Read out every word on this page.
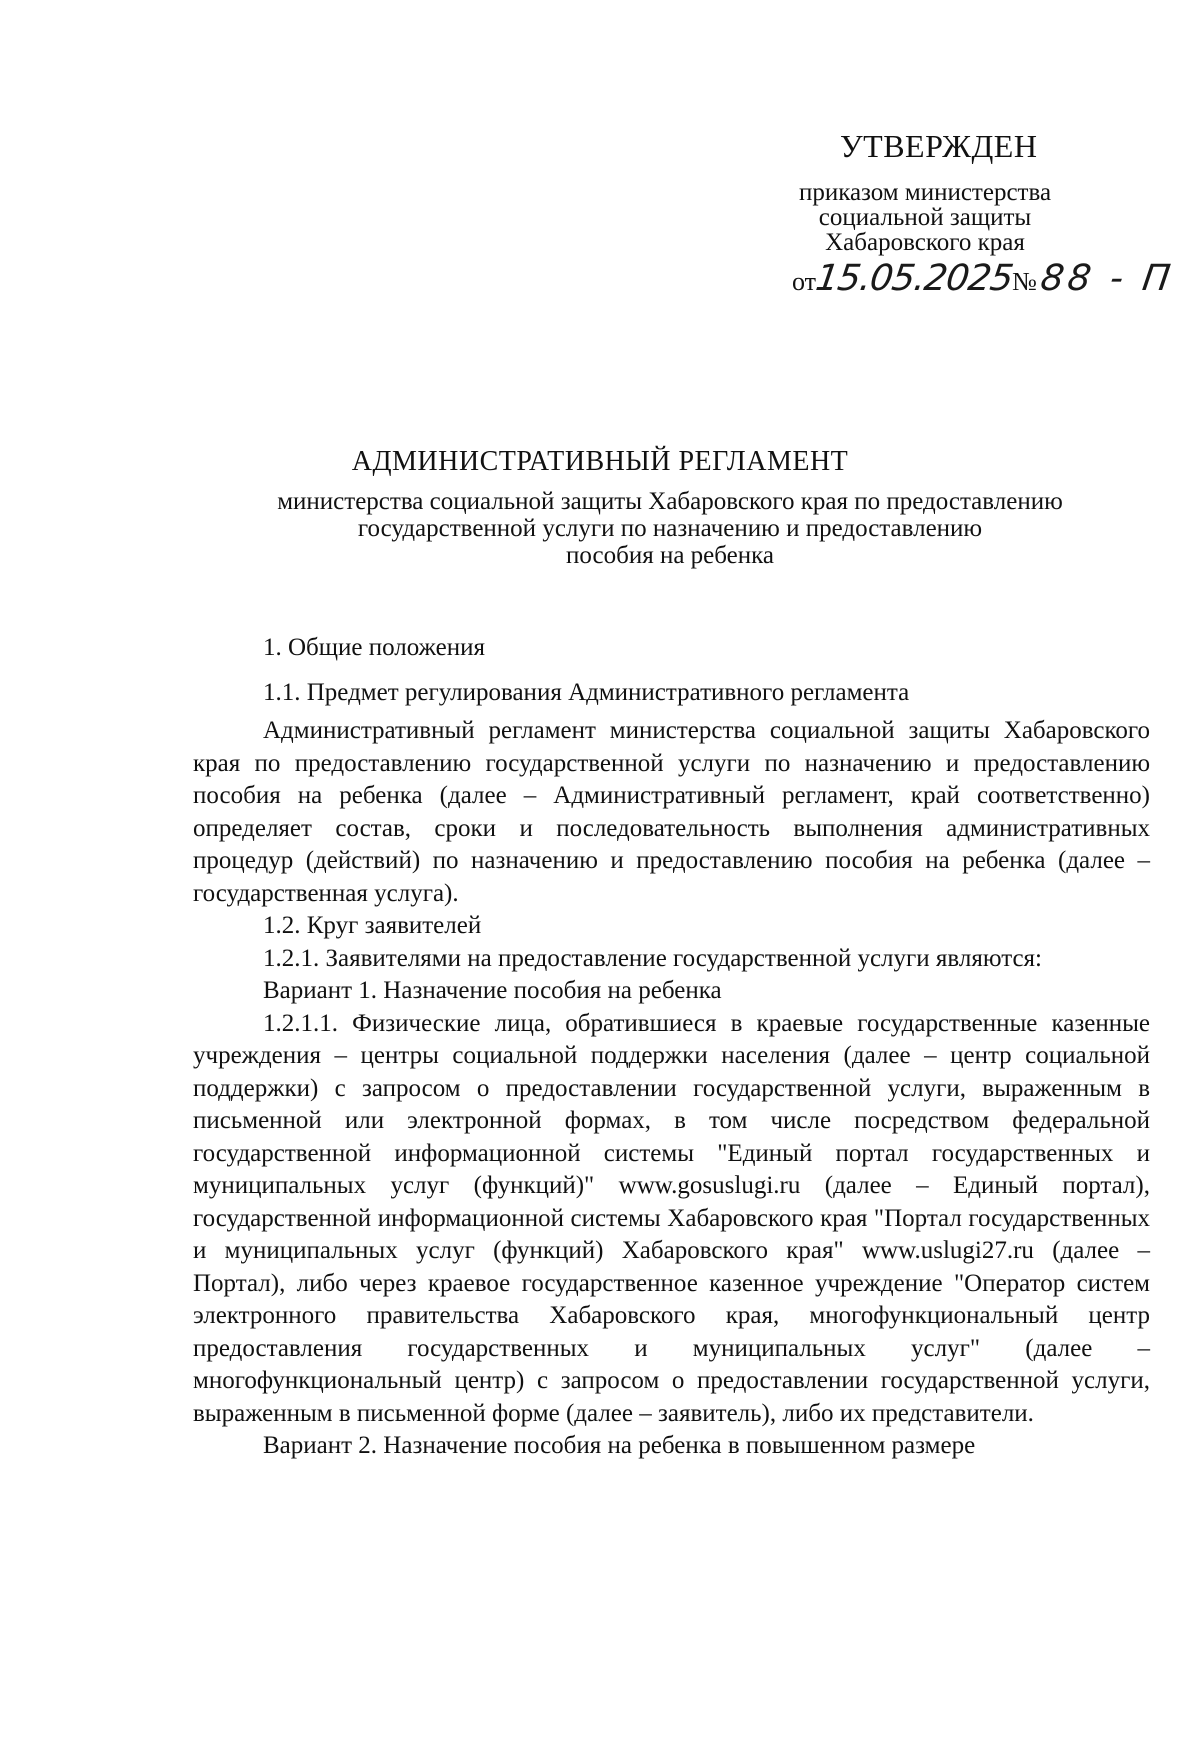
УТВЕРЖДЕН
приказом министерства
социальной защиты
Хабаровского края
от15.05.2025№88 - П
АДМИНИСТРАТИВНЫЙ РЕГЛАМЕНТ
министерства социальной защиты Хабаровского края по предоставлению
государственной услуги по назначению и предоставлению
пособия на ребенка

1. Общие положения

1.1. Предмет регулирования Административного регламента

Административный регламент министерства социальной защиты Хабаровского края по предоставлению государственной услуги по назначению и предоставлению пособия на ребенка (далее – Административный регламент, край соответственно) определяет состав, сроки и последовательность выполнения административных процедур (действий) по назначению и предоставлению пособия на ребенка (далее – государственная услуга).

1.2. Круг заявителей

1.2.1. Заявителями на предоставление государственной услуги являются:

Вариант 1. Назначение пособия на ребенка

1.2.1.1. Физические лица, обратившиеся в краевые государственные казенные учреждения – центры социальной поддержки населения (далее – центр социальной поддержки) с запросом о предоставлении государственной услуги, выраженным в письменной или электронной формах, в том числе посредством федеральной государственной информационной системы "Единый портал государственных и муниципальных услуг (функций)" www.gosuslugi.ru (далее – Единый портал), государственной информационной системы Хабаровского края "Портал государственных и муниципальных услуг (функций) Хабаровского края" www.uslugi27.ru (далее – Портал), либо через краевое государственное казенное учреждение "Оператор систем электронного правительства Хабаровского края, многофункциональный центр предоставления государственных и муниципальных услуг" (далее – многофункциональный центр) с запросом о предоставлении государственной услуги, выраженным в письменной форме (далее – заявитель), либо их представители.

Вариант 2. Назначение пособия на ребенка в повышенном размере
